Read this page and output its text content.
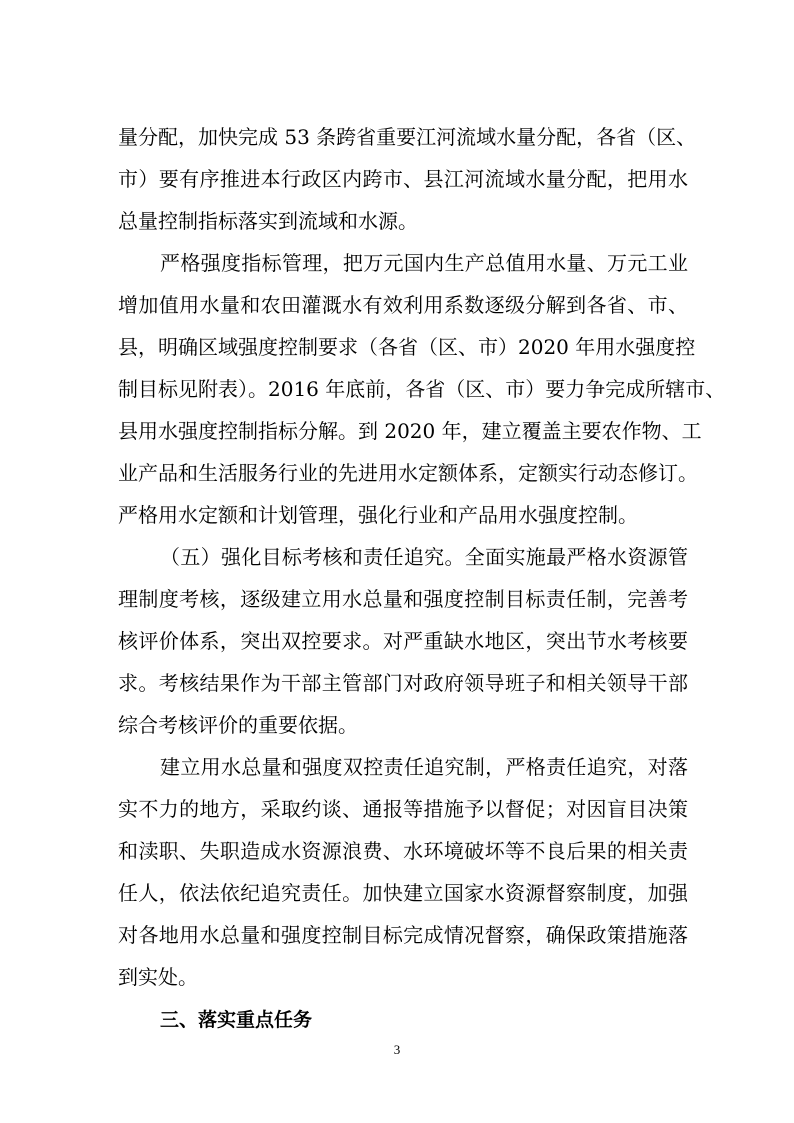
量分配，加快完成 53 条跨省重要江河流域水量分配，各省（区、
市）要有序推进本行政区内跨市、县江河流域水量分配，把用水
总量控制指标落实到流域和水源。
严格强度指标管理，把万元国内生产总值用水量、万元工业
增加值用水量和农田灌溉水有效利用系数逐级分解到各省、市、
县，明确区域强度控制要求（各省（区、市）2020 年用水强度控
制目标见附表）。2016 年底前，各省（区、市）要力争完成所辖市、
县用水强度控制指标分解。到 2020 年，建立覆盖主要农作物、工
业产品和生活服务行业的先进用水定额体系，定额实行动态修订。
严格用水定额和计划管理，强化行业和产品用水强度控制。
（五）强化目标考核和责任追究。全面实施最严格水资源管
理制度考核，逐级建立用水总量和强度控制目标责任制，完善考
核评价体系，突出双控要求。对严重缺水地区，突出节水考核要
求。考核结果作为干部主管部门对政府领导班子和相关领导干部
综合考核评价的重要依据。
建立用水总量和强度双控责任追究制，严格责任追究，对落
实不力的地方，采取约谈、通报等措施予以督促；对因盲目决策
和渎职、失职造成水资源浪费、水环境破坏等不良后果的相关责
任人，依法依纪追究责任。加快建立国家水资源督察制度，加强
对各地用水总量和强度控制目标完成情况督察，确保政策措施落
到实处。
三、落实重点任务
3
